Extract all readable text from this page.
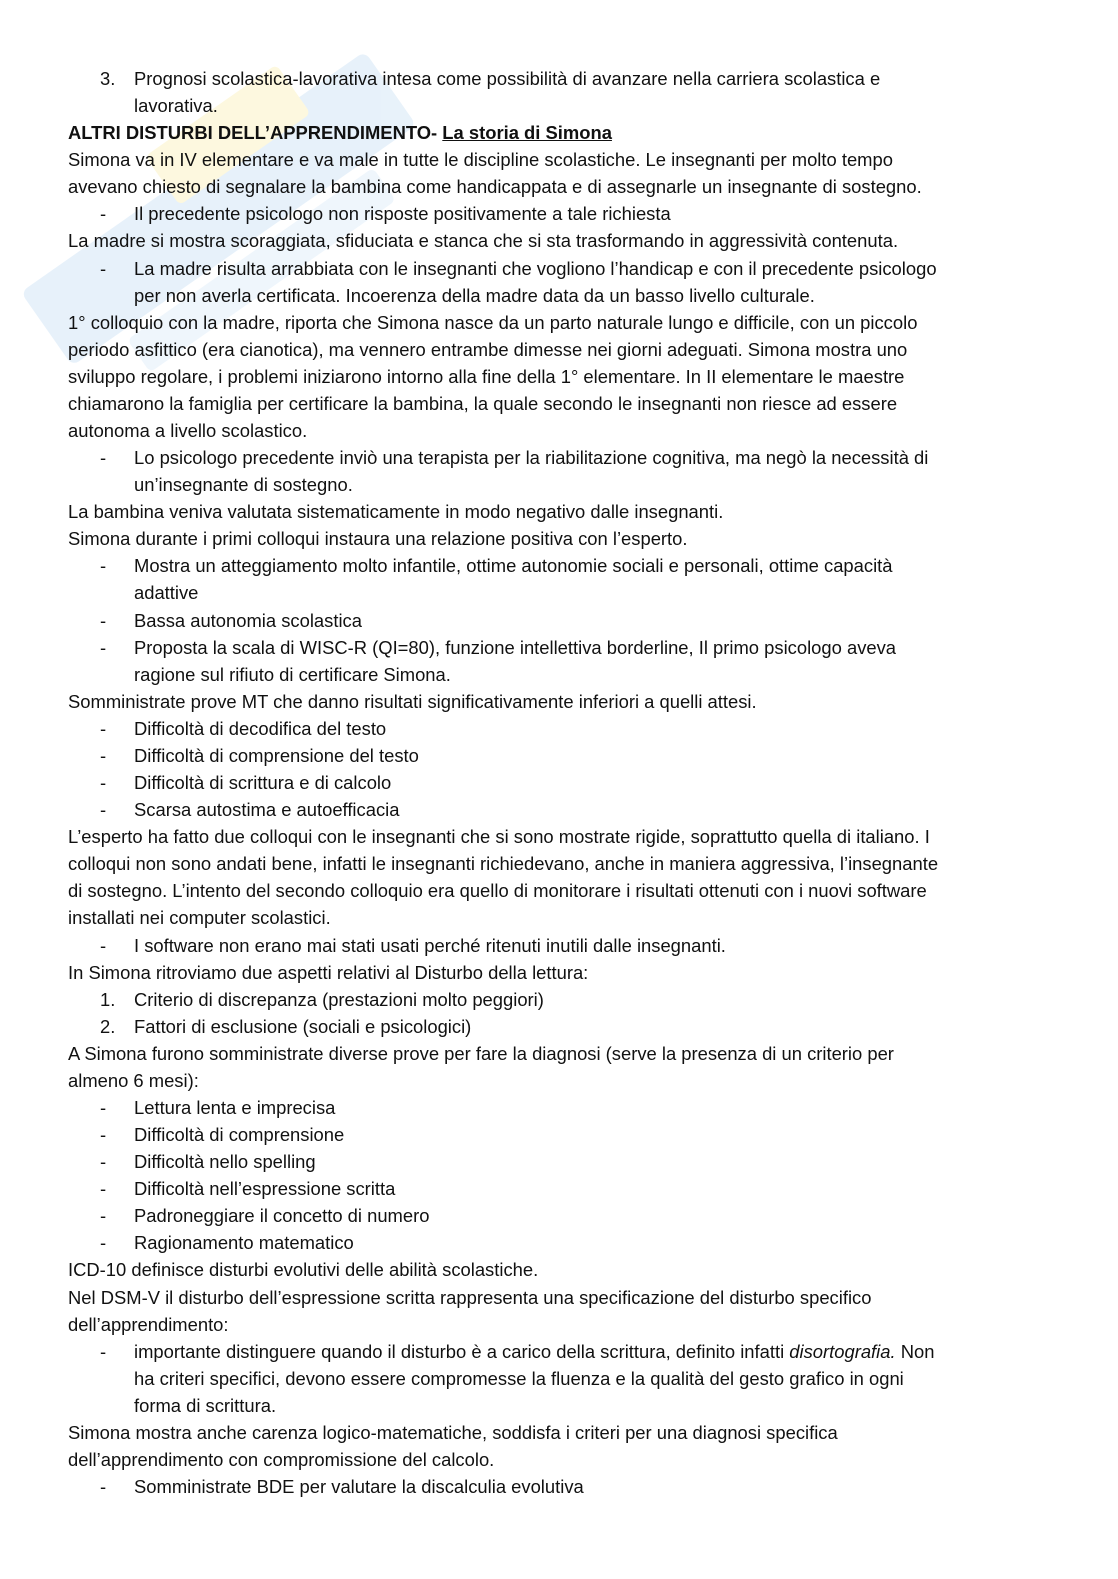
3. Prognosi scolastica-lavorativa intesa come possibilità di avanzare nella carriera scolastica e
lavorativa.
ALTRI DISTURBI DELL’APPRENDIMENTO- La storia di Simona
Simona va in IV elementare e va male in tutte le discipline scolastiche. Le insegnanti per molto tempo
avevano chiesto di segnalare la bambina come handicappata e di assegnarle un insegnante di sostegno.
- Il precedente psicologo non risposte positivamente a tale richiesta
La madre si mostra scoraggiata, sfiduciata e stanca che si sta trasformando in aggressività contenuta.
- La madre risulta arrabbiata con le insegnanti che vogliono l’handicap e con il precedente psicologo
per non averla certificata. Incoerenza della madre data da un basso livello culturale.
1° colloquio con la madre, riporta che Simona nasce da un parto naturale lungo e difficile, con un piccolo
periodo asfittico (era cianotica), ma vennero entrambe dimesse nei giorni adeguati. Simona mostra uno
sviluppo regolare, i problemi iniziarono intorno alla fine della 1° elementare. In II elementare le maestre
chiamarono la famiglia per certificare la bambina, la quale secondo le insegnanti non riesce ad essere
autonoma a livello scolastico.
- Lo psicologo precedente inviò una terapista per la riabilitazione cognitiva, ma negò la necessità di
un’insegnante di sostegno.
La bambina veniva valutata sistematicamente in modo negativo dalle insegnanti.
Simona durante i primi colloqui instaura una relazione positiva con l’esperto.
- Mostra un atteggiamento molto infantile, ottime autonomie sociali e personali, ottime capacità
adattive
- Bassa autonomia scolastica
- Proposta la scala di WISC-R (QI=80), funzione intellettiva borderline, Il primo psicologo aveva
ragione sul rifiuto di certificare Simona.
Somministrate prove MT che danno risultati significativamente inferiori a quelli attesi.
- Difficoltà di decodifica del testo
- Difficoltà di comprensione del testo
- Difficoltà di scrittura e di calcolo
- Scarsa autostima e autoefficacia
L’esperto ha fatto due colloqui con le insegnanti che si sono mostrate rigide, soprattutto quella di italiano. I
colloqui non sono andati bene, infatti le insegnanti richiedevano, anche in maniera aggressiva, l’insegnante
di sostegno. L’intento del secondo colloquio era quello di monitorare i risultati ottenuti con i nuovi software
installati nei computer scolastici.
- I software non erano mai stati usati perché ritenuti inutili dalle insegnanti.
In Simona ritroviamo due aspetti relativi al Disturbo della lettura:
1. Criterio di discrepanza (prestazioni molto peggiori)
2. Fattori di esclusione (sociali e psicologici)
A Simona furono somministrate diverse prove per fare la diagnosi (serve la presenza di un criterio per
almeno 6 mesi):
- Lettura lenta e imprecisa
- Difficoltà di comprensione
- Difficoltà nello spelling
- Difficoltà nell’espressione scritta
- Padroneggiare il concetto di numero
- Ragionamento matematico
ICD-10 definisce disturbi evolutivi delle abilità scolastiche.
Nel DSM-V il disturbo dell’espressione scritta rappresenta una specificazione del disturbo specifico
dell’apprendimento:
- importante distinguere quando il disturbo è a carico della scrittura, definito infatti disortografia. Non
ha criteri specifici, devono essere compromesse la fluenza e la qualità del gesto grafico in ogni
forma di scrittura.
Simona mostra anche carenza logico-matematiche, soddisfa i criteri per una diagnosi specifica
dell’apprendimento con compromissione del calcolo.
- Somministrate BDE per valutare la discalculia evolutiva
